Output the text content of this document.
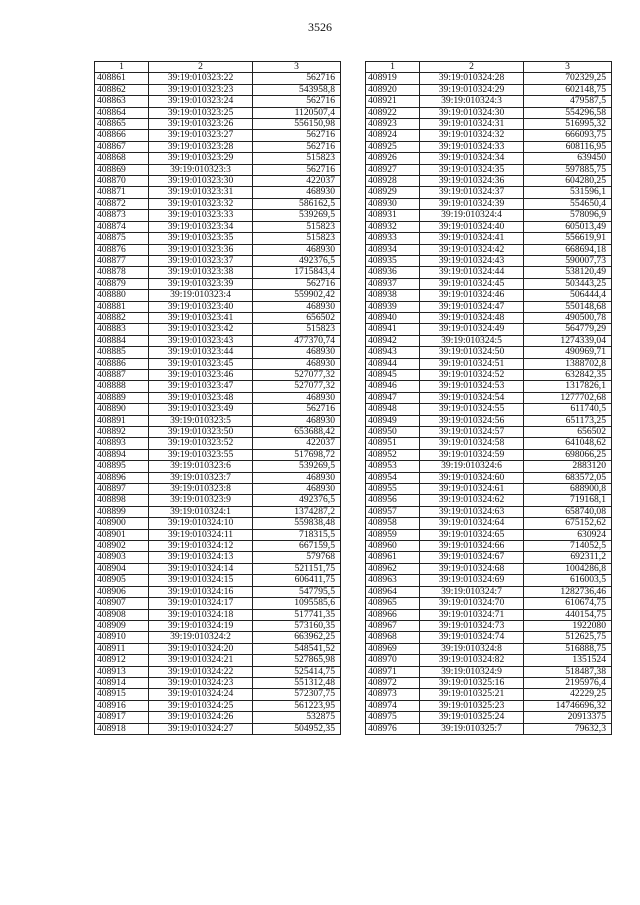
3526
1	2	3
408861	39:19:010323:22	562716
408862	39:19:010323:23	543958,8
408863	39:19:010323:24	562716
408864	39:19:010323:25	1120507,4
408865	39:19:010323:26	556150,98
408866	39:19:010323:27	562716
408867	39:19:010323:28	562716
408868	39:19:010323:29	515823
408869	39:19:010323:3	562716
408870	39:19:010323:30	422037
408871	39:19:010323:31	468930
408872	39:19:010323:32	586162,5
408873	39:19:010323:33	539269,5
408874	39:19:010323:34	515823
408875	39:19:010323:35	515823
408876	39:19:010323:36	468930
408877	39:19:010323:37	492376,5
408878	39:19:010323:38	1715843,4
408879	39:19:010323:39	562716
408880	39:19:010323:4	559902,42
408881	39:19:010323:40	468930
408882	39:19:010323:41	656502
408883	39:19:010323:42	515823
408884	39:19:010323:43	477370,74
408885	39:19:010323:44	468930
408886	39:19:010323:45	468930
408887	39:19:010323:46	527077,32
408888	39:19:010323:47	527077,32
408889	39:19:010323:48	468930
408890	39:19:010323:49	562716
408891	39:19:010323:5	468930
408892	39:19:010323:50	653688,42
408893	39:19:010323:52	422037
408894	39:19:010323:55	517698,72
408895	39:19:010323:6	539269,5
408896	39:19:010323:7	468930
408897	39:19:010323:8	468930
408898	39:19:010323:9	492376,5
408899	39:19:010324:1	1374287,2
408900	39:19:010324:10	559838,48
408901	39:19:010324:11	718315,5
408902	39:19:010324:12	667159,5
408903	39:19:010324:13	579768
408904	39:19:010324:14	521151,75
408905	39:19:010324:15	606411,75
408906	39:19:010324:16	547795,5
408907	39:19:010324:17	1095585,6
408908	39:19:010324:18	517741,35
408909	39:19:010324:19	573160,35
408910	39:19:010324:2	663962,25
408911	39:19:010324:20	548541,52
408912	39:19:010324:21	527865,98
408913	39:19:010324:22	525414,75
408914	39:19:010324:23	551312,48
408915	39:19:010324:24	572307,75
408916	39:19:010324:25	561223,95
408917	39:19:010324:26	532875
408918	39:19:010324:27	504952,35
1	2	3
408919	39:19:010324:28	702329,25
408920	39:19:010324:29	602148,75
408921	39:19:010324:3	479587,5
408922	39:19:010324:30	554296,58
408923	39:19:010324:31	516995,32
408924	39:19:010324:32	666093,75
408925	39:19:010324:33	608116,95
408926	39:19:010324:34	639450
408927	39:19:010324:35	597885,75
408928	39:19:010324:36	604280,25
408929	39:19:010324:37	531596,1
408930	39:19:010324:39	554650,4
408931	39:19:010324:4	578096,9
408932	39:19:010324:40	605013,49
408933	39:19:010324:41	556619,91
408934	39:19:010324:42	668694,18
408935	39:19:010324:43	590007,73
408936	39:19:010324:44	538120,49
408937	39:19:010324:45	503443,25
408938	39:19:010324:46	506444,4
408939	39:19:010324:47	550148,68
408940	39:19:010324:48	490500,78
408941	39:19:010324:49	564779,29
408942	39:19:010324:5	1274339,04
408943	39:19:010324:50	490969,71
408944	39:19:010324:51	1388702,8
408945	39:19:010324:52	632842,35
408946	39:19:010324:53	1317826,1
408947	39:19:010324:54	1277702,68
408948	39:19:010324:55	611740,5
408949	39:19:010324:56	651173,25
408950	39:19:010324:57	656502
408951	39:19:010324:58	641048,62
408952	39:19:010324:59	698066,25
408953	39:19:010324:6	2883120
408954	39:19:010324:60	683572,05
408955	39:19:010324:61	688900,8
408956	39:19:010324:62	719168,1
408957	39:19:010324:63	658740,08
408958	39:19:010324:64	675152,62
408959	39:19:010324:65	630924
408960	39:19:010324:66	714052,5
408961	39:19:010324:67	692311,2
408962	39:19:010324:68	1004286,8
408963	39:19:010324:69	616003,5
408964	39:19:010324:7	1282736,46
408965	39:19:010324:70	610674,75
408966	39:19:010324:71	440154,75
408967	39:19:010324:73	1922080
408968	39:19:010324:74	512625,75
408969	39:19:010324:8	516888,75
408970	39:19:010324:82	1351524
408971	39:19:010324:9	518487,38
408972	39:19:010325:16	2195976,4
408973	39:19:010325:21	42229,25
408974	39:19:010325:23	14746696,32
408975	39:19:010325:24	20913375
408976	39:19:010325:7	79632,3
